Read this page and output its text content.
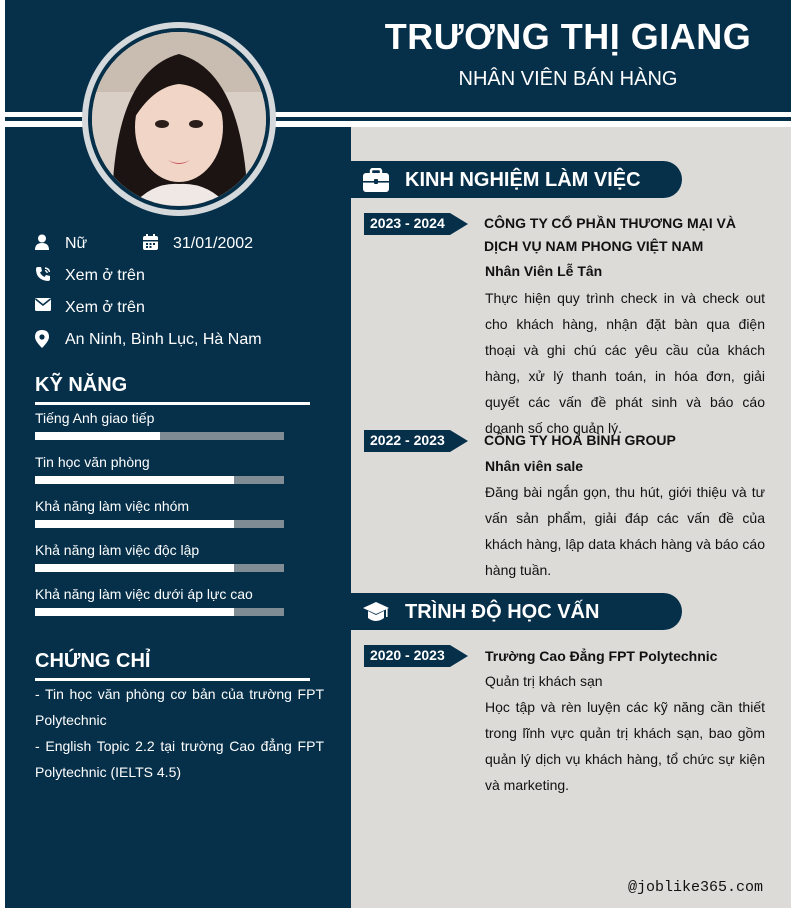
TRƯƠNG THỊ GIANG
NHÂN VIÊN BÁN HÀNG
Nữ	31/01/2002
Xem ở trên
Xem ở trên
An Ninh, Bình Lục, Hà Nam
KỸ NĂNG
Tiếng Anh giao tiếp
Tin học văn phòng
Khả năng làm việc nhóm
Khả năng làm việc độc lập
Khả năng làm việc dưới áp lực cao
CHỨNG CHỈ
- Tin học văn phòng cơ bản của trường FPT Polytechnic
- English Topic 2.2 tại trường Cao đẳng FPT Polytechnic (IELTS 4.5)
KINH NGHIỆM LÀM VIỆC
2023 - 2024	CÔNG TY CỔ PHẦN THƯƠNG MẠI VÀ DỊCH VỤ NAM PHONG VIỆT NAM
Nhân Viên Lễ Tân
Thực hiện quy trình check in và check out cho khách hàng, nhận đặt bàn qua điện thoại và ghi chú các yêu cầu của khách hàng, xử lý thanh toán, in hóa đơn, giải quyết các vấn đề phát sinh và báo cáo doanh số cho quản lý.
2022 - 2023	CÔNG TY HOÀ BÌNH GROUP
Nhân viên sale
Đăng bài ngắn gọn, thu hút, giới thiệu và tư vấn sản phẩm, giải đáp các vấn đề của khách hàng, lập data khách hàng và báo cáo hàng tuần.
TRÌNH ĐỘ HỌC VẤN
2020 - 2023	Trường Cao Đẳng FPT Polytechnic
Quản trị khách sạn
Học tập và rèn luyện các kỹ năng cần thiết trong lĩnh vực quản trị khách sạn, bao gồm quản lý dịch vụ khách hàng, tổ chức sự kiện và marketing.
@joblike365.com
